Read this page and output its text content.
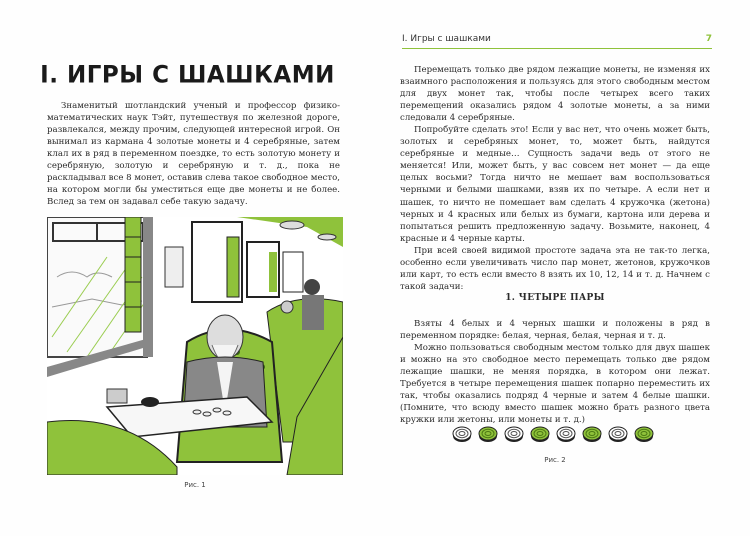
I. ИГРЫ С ШАШКАМИ

Знаменитый шотландский ученый и профессор физико-математических наук Тэйт, путешествуя по железной дороге, развлекался, между прочим, следующей интересной игрой. Он вынимал из кармана 4 золотые монеты и 4 серебряные, затем клал их в ряд в переменном поездке, то есть золотую монету и серебряную, золотую и серебряную и т. д., пока не раскладывал все 8 монет, оставив слева такое свободное место, на котором могли бы уместиться еще две монеты и не более. Вслед за тем он задавал себе такую задачу.

Рис. 1
I. Игры с шашками	7

Перемещать только две рядом лежащие монеты, не изменяя их взаимного расположения и пользуясь для этого свободным местом для двух монет так, чтобы после четырех всего таких перемещений оказались рядом 4 золотые монеты, а за ними следовали 4 серебряные.

Попробуйте сделать это! Если у вас нет, что очень может быть, золотых и серебряных монет, то, может быть, найдутся серебряные и медные… Сущность задачи ведь от этого не меняется! Или, может быть, у вас совсем нет монет — да еще целых восьми? Тогда ничто не мешает вам воспользоваться черными и белыми шашками, взяв их по четыре. А если нет и шашек, то ничто не помешает вам сделать 4 кружочка (жетона) черных и 4 красных или белых из бумаги, картона или дерева и попытаться решить предложенную задачу. Возьмите, наконец, 4 красные и 4 черные карты.

При всей своей видимой простоте задача эта не так-то легка, особенно если увеличивать число пар монет, жетонов, кружочков или карт, то есть если вместо 8 взять их 10, 12, 14 и т. д. Начнем с такой задачи:

1. ЧЕТЫРЕ ПАРЫ

Взяты 4 белых и 4 черных шашки и положены в ряд в переменном порядке: белая, черная, белая, черная и т. д.

Можно пользоваться свободным местом только для двух шашек и можно на это свободное место перемещать только две рядом лежащие шашки, не меняя порядка, в котором они лежат. Требуется в четыре перемещения шашек попарно переместить их так, чтобы оказались подряд 4 черные и затем 4 белые шашки. (Помните, что всюду вместо шашек можно брать разного цвета кружки или жетоны, или монеты и т. д.)

Рис. 2
